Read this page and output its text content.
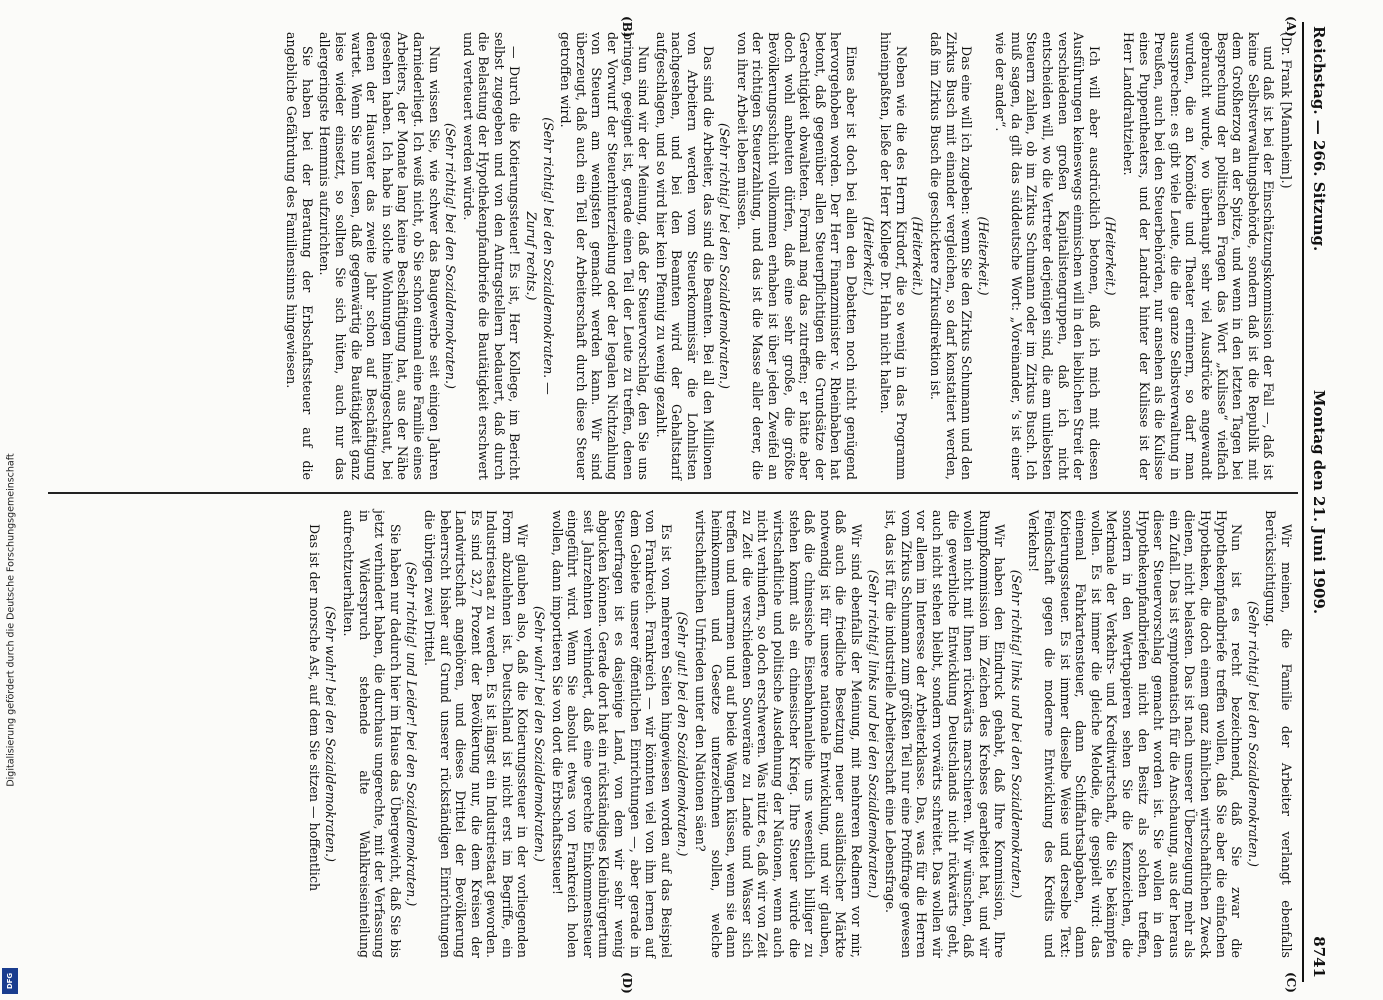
Digitalisierung gefördert durch die Deutsche Forschungsgemeinschaft
DFG
Reichstag. — 266. Sitzung.
Montag den 21. Juni 1909.
8741
(A)
(B)
(C)
(D)

(Dr. Frank [Mannheim].)

und daß ist bei der Einschätzungskommission der Fall —, daß ist keine Selbstverwaltungsbehörde, sondern daß ist die Republik mit dem Großherzog an der Spitze, und wenn in den letzten Tagen bei Besprechung der politischen Fragen das Wort „Kulisse“ vielfach gebraucht wurde, wo überhaupt sehr viel Ausdrücke angewandt wurden, die an Komödie und Theater erinnern, so darf man aussprechen: es gibt viele Leute, die die ganze Selbstverwaltung in Preußen, auch bei den Steuerbehörden, nur ansehen als die Kulisse eines Puppentheaters, und der Landrat hinter der Kulisse ist der Herr Landdrahtzieher.

(Heiterkeit.)

Ich will aber ausdrücklich betonen, daß ich mich mit diesen Ausführungen keineswegs einmischen will in den lieblichen Streit der verschiedenen großen Kapitalistengruppen, daß ich nicht entscheiden will, wo die Vertreter derjenigen sind, die am unliebsten Steuern zahlen, ob im Zirkus Schumann oder im Zirkus Busch. Ich muß sagen, da gilt das süddeutsche Wort: „Voreinander, ’s ist einer wie der ander“.

(Heiterkeit.)

Das eine will ich zugeben: wenn Sie den Zirkus Schumann und den Zirkus Busch mit einander vergleichen, so darf konstatiert werden, daß im Zirkus Busch die geschicktere Zirkusdirektion ist.

(Heiterkeit.)

Neben wie die des Herrn Kirdorf, die so wenig in das Programm hineinpaßten, ließe der Herr Kollege Dr. Hahn nicht halten.

(Heiterkeit.)

Eines aber ist doch bei allen den Debatten noch nicht genügend hervorgehoben worden. Der Herr Finanzminister v. Rheinbaben hat betont, daß gegenüber allen Steuerpflichtigen die Grundsätze der Gerechtigkeit obwalteten. Formal mag das zutreffen; er hätte aber doch wohl anbeuten dürfen, daß eine sehr große, die größte Bevölkerungsschicht vollkommen erhaben ist über jeden Zweifel an der richtigen Steuerzahlung, und das ist die Masse aller derer, die von ihrer Arbeit leben müssen.

(Sehr richtig! bei den Sozialdemokraten.)

Das sind die Arbeiter, das sind die Beamten. Bei all den Millionen von Arbeitern werden vom Steuerkommissär die Lohnlisten nachgesehen, und bei den Beamten wird der Gehaltstarif aufgeschlagen, und so wird hier kein Pfennig zu wenig gezahlt.

Nun sind wir der Meinung, daß der Steuervorschlag, den Sie uns bringen, geeignet ist, gerade einen Teil der Leute zu treffen, denen der Vorwurf der Steuerhinterziehung oder der legalen Nichtzahlung von Steuern am wenigsten gemacht werden kann. Wir sind überzeugt, daß auch ein Teil der Arbeiterschaft durch diese Steuer getroffen wird.

(Sehr richtig! bei den Sozialdemokraten. —

Zuruf rechts.)

— Durch die Kotierungssteuer! Es ist, Herr Kollege, im Bericht selbst zugegeben und von den Antragstellern bedauert, daß durch die Belastung der Hypothekenpfandbriefe die Bautätigkeit erschwert und verteuert werden würde.

(Sehr richtig! bei den Sozialdemokraten.)

Nun wissen Sie, wie schwer das Baugewerbe seit einigen Jahren darniederliegt. Ich weiß nicht, ob Sie schon einmal eine Familie eines Arbeiters, der Monate lang keine Beschäftigung hat, aus der Nähe gesehen haben. Ich habe in solche Wohnungen hineingeschaut, bei denen der Hausvater das zweite Jahr schon auf Beschäftigung wartet. Wenn Sie nun lesen, daß gegenwärtig die Bautätigkeit ganz leise wieder einsetzt, so sollten Sie sich hüten, auch nur das allergeringste Hemmnis aufzurichten.

Sie haben bei der Beratung der Erbschaftssteuer auf die angebliche Gefährdung des Familiensinns hingewiesen.

Wir meinen, die Familie der Arbeiter verlangt ebenfalls Berücksichtigung.

(Sehr richtig! bei den Sozialdemokraten.)

Nun ist es recht bezeichnend, daß Sie zwar die Hypothekenpfandbriefe treffen wollen, daß Sie aber die einfachen Hypotheken, die doch einem ganz ähnlichen wirtschaftlichen Zweck dienen, nicht belasten. Das ist nach unserer Überzeugung mehr als ein Zufall. Das ist symptomatisch für die Anschauung, aus der heraus dieser Steuervorschlag gemacht worden ist. Sie wollen in den Hypothekenpfandbriefen nicht den Besitz als solchen treffen, sondern in den Wertpapieren sehen Sie die Kennzeichen, die Merkmale der Verkehrs- und Kreditwirtschaft, die Sie bekämpfen wollen. Es ist immer die gleiche Melodie, die gespielt wird: das einemal Fahrkartensteuer, dann Schiffahrtsabgaben, dann Kotierungssteuer. Es ist immer dieselbe Weise und derselbe Text: Feindschaft gegen die moderne Entwicklung des Kredits und Verkehrs!

(Sehr richtig! links und bei den Sozialdemokraten.)

Wir haben den Eindruck gehabt, daß Ihre Kommission, Ihre Rumpfkommission im Zeichen des Krebses gearbeitet hat, und wir wollen nicht mit Ihnen rückwärts marschieren. Wir wünschen, daß die gewerbliche Entwicklung Deutschlands nicht rückwärts geht, auch nicht stehen bleibt, sondern vorwärts schreitet. Das wollen wir vor allem im Interesse der Arbeiterklasse. Das, was für die Herren vom Zirkus Schumann zum größten Teil nur eine Profitfrage gewesen ist, das ist für die industrielle Arbeiterschaft eine Lebensfrage.

(Sehr richtig! links und bei den Sozialdemokraten.)

Wir sind ebenfalls der Meinung, mit mehreren Rednern vor mir, daß auch die friedliche Besetzung neuer ausländischer Märkte notwendig ist für unsere nationale Entwicklung, und wir glauben, daß die chinesische Eisenbahnanleihe uns wesentlich billiger zu stehen kommt als ein chinesischer Krieg. Ihre Steuer würde die wirtschaftliche und politische Ausdehnung der Nationen, wenn auch nicht verhindern, so doch erschweren. Was nützt es, daß wir von Zeit zu Zeit die verschiedenen Souveräne zu Lande und Wasser sich treffen und umarmen und auf beide Wangen küssen, wenn sie dann heimkommen und Gesetze unterzeichnen sollen, welche wirtschaftlichen Unfrieden unter den Nationen säen?

(Sehr gut! bei den Sozialdemokraten.)

Es ist von mehreren Seiten hingewiesen worden auf das Beispiel von Frankreich. Frankreich — wir könnten viel von ihm lernen auf dem Gebiete unserer öffentlichen Einrichtungen —, aber gerade in Steuerfragen ist es dasjenige Land, von dem wir sehr wenig abgucken können. Gerade dort hat ein rückständiges Kleinbürgertum seit Jahrzehnten verhindert, daß eine gerechte Einkommensteuer eingeführt wird. Wenn Sie absolut etwas von Frankreich holen wollen, dann importieren Sie von dort die Erbschaftssteuer!

(Sehr wahr! bei den Sozialdemokraten.)

Wir glauben also, daß die Kotierungssteuer in der vorliegenden Form abzulehnen ist. Deutschland ist nicht erst im Begriffe, ein Industriestaat zu werden. Es ist längst ein Industriestaat geworden. Es sind 32,7 Prozent der Bevölkerung nur, die dem Kreisen der Landwirtschaft angehören, und dieses Drittel der Bevölkerung beherrscht bisher auf Grund unserer rückständigen Einrichtungen die übrigen zwei Drittel.

(Sehr richtig! und Leider! bei den Sozialdemokraten.)

Sie haben nur dadurch hier im Hause das Übergewicht, daß Sie bis jetzt verhindert haben, die durchaus ungerechte, mit der Verfassung in Widerspruch stehende alte Wahlkreiseinteilung aufrechtzuerhalten.

(Sehr wahr! bei den Sozialdemokraten.)

Das ist der morsche Ast, auf dem Sie sitzen — hoffentlich
